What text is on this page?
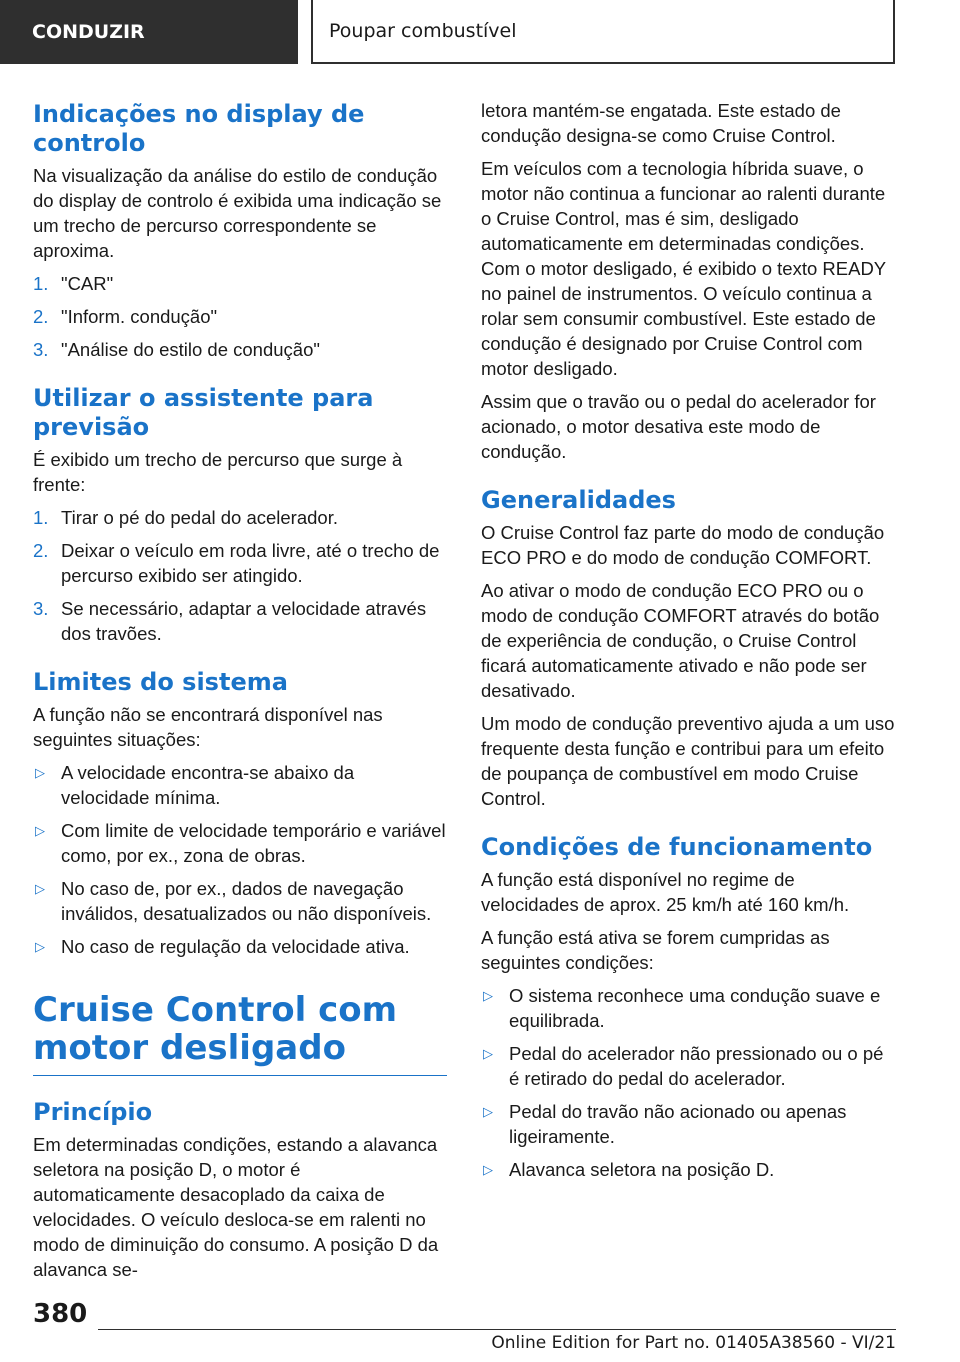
CONDUZIR	Poupar combustível
Indicações no display de controlo

Na visualização da análise do estilo de condução do display de controlo é exibida uma indicação se um trecho de percurso correspondente se aproxima.

1. "CAR"
2. "Inform. condução"
3. "Análise do estilo de condução"
Utilizar o assistente para previsão

É exibido um trecho de percurso que surge à frente:

1. Tirar o pé do pedal do acelerador.
2. Deixar o veículo em roda livre, até o trecho de percurso exibido ser atingido.
3. Se necessário, adaptar a velocidade através dos travões.
Limites do sistema

A função não se encontrará disponível nas seguintes situações:

▷ A velocidade encontra-se abaixo da velocidade mínima.
▷ Com limite de velocidade temporário e variável como, por ex., zona de obras.
▷ No caso de, por ex., dados de navegação inválidos, desatualizados ou não disponíveis.
▷ No caso de regulação da velocidade ativa.
Cruise Control com motor desligado
Princípio

Em determinadas condições, estando a alavanca seletora na posição D, o motor é automaticamente desacoplado da caixa de velocidades. O veículo desloca-se em ralenti no modo de diminuição do consumo. A posição D da alavanca se-

letora mantém-se engatada. Este estado de condução designa-se como Cruise Control.

Em veículos com a tecnologia híbrida suave, o motor não continua a funcionar ao ralenti durante o Cruise Control, mas é sim, desligado automaticamente em determinadas condições. Com o motor desligado, é exibido o texto READY no painel de instrumentos. O veículo continua a rolar sem consumir combustível. Este estado de condução é designado por Cruise Control com motor desligado.

Assim que o travão ou o pedal do acelerador for acionado, o motor desativa este modo de condução.

Generalidades

O Cruise Control faz parte do modo de condução ECO PRO e do modo de condução COMFORT.

Ao ativar o modo de condução ECO PRO ou o modo de condução COMFORT através do botão de experiência de condução, o Cruise Control ficará automaticamente ativado e não pode ser desativado.

Um modo de condução preventivo ajuda a um uso frequente desta função e contribui para um efeito de poupança de combustível em modo Cruise Control.

Condições de funcionamento

A função está disponível no regime de velocidades de aprox. 25 km/h até 160 km/h.

A função está ativa se forem cumpridas as seguintes condições:

▷ O sistema reconhece uma condução suave e equilibrada.
▷ Pedal do acelerador não pressionado ou o pé é retirado do pedal do acelerador.
▷ Pedal do travão não acionado ou apenas ligeiramente.
▷ Alavanca seletora na posição D.
380
Online Edition for Part no. 01405A38560 - VI/21
